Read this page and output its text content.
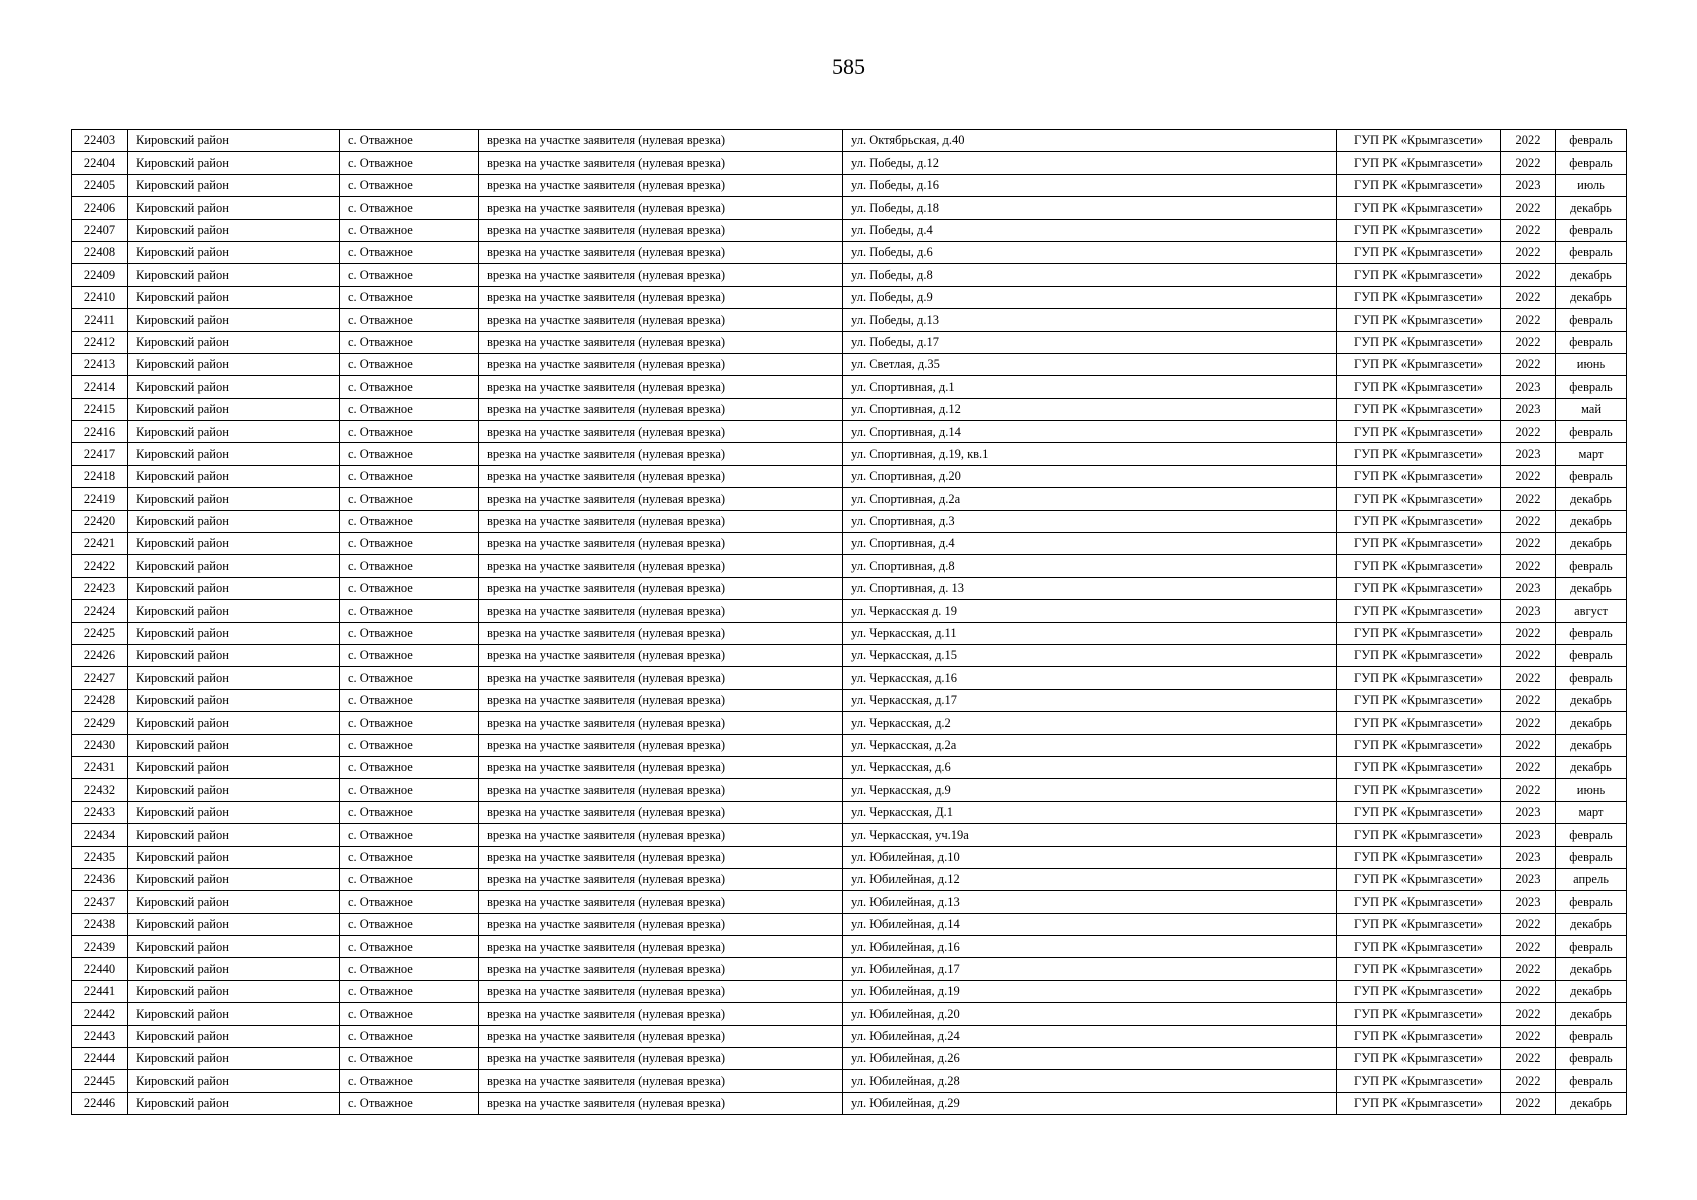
585
22403	Кировский район	с. Отважное	врезка на участке заявителя (нулевая врезка)	ул. Октябрьская, д.40	ГУП РК «Крымгазсети»	2022	февраль
22404	Кировский район	с. Отважное	врезка на участке заявителя (нулевая врезка)	ул. Победы, д.12	ГУП РК «Крымгазсети»	2022	февраль
22405	Кировский район	с. Отважное	врезка на участке заявителя (нулевая врезка)	ул. Победы, д.16	ГУП РК «Крымгазсети»	2023	июль
22406	Кировский район	с. Отважное	врезка на участке заявителя (нулевая врезка)	ул. Победы, д.18	ГУП РК «Крымгазсети»	2022	декабрь
22407	Кировский район	с. Отважное	врезка на участке заявителя (нулевая врезка)	ул. Победы, д.4	ГУП РК «Крымгазсети»	2022	февраль
22408	Кировский район	с. Отважное	врезка на участке заявителя (нулевая врезка)	ул. Победы, д.6	ГУП РК «Крымгазсети»	2022	февраль
22409	Кировский район	с. Отважное	врезка на участке заявителя (нулевая врезка)	ул. Победы, д.8	ГУП РК «Крымгазсети»	2022	декабрь
22410	Кировский район	с. Отважное	врезка на участке заявителя (нулевая врезка)	ул. Победы, д.9	ГУП РК «Крымгазсети»	2022	декабрь
22411	Кировский район	с. Отважное	врезка на участке заявителя (нулевая врезка)	ул. Победы, д.13	ГУП РК «Крымгазсети»	2022	февраль
22412	Кировский район	с. Отважное	врезка на участке заявителя (нулевая врезка)	ул. Победы, д.17	ГУП РК «Крымгазсети»	2022	февраль
22413	Кировский район	с. Отважное	врезка на участке заявителя (нулевая врезка)	ул. Светлая, д.35	ГУП РК «Крымгазсети»	2022	июнь
22414	Кировский район	с. Отважное	врезка на участке заявителя (нулевая врезка)	ул. Спортивная, д.1	ГУП РК «Крымгазсети»	2023	февраль
22415	Кировский район	с. Отважное	врезка на участке заявителя (нулевая врезка)	ул. Спортивная, д.12	ГУП РК «Крымгазсети»	2023	май
22416	Кировский район	с. Отважное	врезка на участке заявителя (нулевая врезка)	ул. Спортивная, д.14	ГУП РК «Крымгазсети»	2022	февраль
22417	Кировский район	с. Отважное	врезка на участке заявителя (нулевая врезка)	ул. Спортивная, д.19, кв.1	ГУП РК «Крымгазсети»	2023	март
22418	Кировский район	с. Отважное	врезка на участке заявителя (нулевая врезка)	ул. Спортивная, д.20	ГУП РК «Крымгазсети»	2022	февраль
22419	Кировский район	с. Отважное	врезка на участке заявителя (нулевая врезка)	ул. Спортивная, д.2а	ГУП РК «Крымгазсети»	2022	декабрь
22420	Кировский район	с. Отважное	врезка на участке заявителя (нулевая врезка)	ул. Спортивная, д.3	ГУП РК «Крымгазсети»	2022	декабрь
22421	Кировский район	с. Отважное	врезка на участке заявителя (нулевая врезка)	ул. Спортивная, д.4	ГУП РК «Крымгазсети»	2022	декабрь
22422	Кировский район	с. Отважное	врезка на участке заявителя (нулевая врезка)	ул. Спортивная, д.8	ГУП РК «Крымгазсети»	2022	февраль
22423	Кировский район	с. Отважное	врезка на участке заявителя (нулевая врезка)	ул. Спортивная, д. 13	ГУП РК «Крымгазсети»	2023	декабрь
22424	Кировский район	с. Отважное	врезка на участке заявителя (нулевая врезка)	ул. Черкасская д. 19	ГУП РК «Крымгазсети»	2023	август
22425	Кировский район	с. Отважное	врезка на участке заявителя (нулевая врезка)	ул. Черкасская, д.11	ГУП РК «Крымгазсети»	2022	февраль
22426	Кировский район	с. Отважное	врезка на участке заявителя (нулевая врезка)	ул. Черкасская, д.15	ГУП РК «Крымгазсети»	2022	февраль
22427	Кировский район	с. Отважное	врезка на участке заявителя (нулевая врезка)	ул. Черкасская, д.16	ГУП РК «Крымгазсети»	2022	февраль
22428	Кировский район	с. Отважное	врезка на участке заявителя (нулевая врезка)	ул. Черкасская, д.17	ГУП РК «Крымгазсети»	2022	декабрь
22429	Кировский район	с. Отважное	врезка на участке заявителя (нулевая врезка)	ул. Черкасская, д.2	ГУП РК «Крымгазсети»	2022	декабрь
22430	Кировский район	с. Отважное	врезка на участке заявителя (нулевая врезка)	ул. Черкасская, д.2а	ГУП РК «Крымгазсети»	2022	декабрь
22431	Кировский район	с. Отважное	врезка на участке заявителя (нулевая врезка)	ул. Черкасская, д.6	ГУП РК «Крымгазсети»	2022	декабрь
22432	Кировский район	с. Отважное	врезка на участке заявителя (нулевая врезка)	ул. Черкасская, д.9	ГУП РК «Крымгазсети»	2022	июнь
22433	Кировский район	с. Отважное	врезка на участке заявителя (нулевая врезка)	ул. Черкасская, Д.1	ГУП РК «Крымгазсети»	2023	март
22434	Кировский район	с. Отважное	врезка на участке заявителя (нулевая врезка)	ул. Черкасская, уч.19а	ГУП РК «Крымгазсети»	2023	февраль
22435	Кировский район	с. Отважное	врезка на участке заявителя (нулевая врезка)	ул. Юбилейная, д.10	ГУП РК «Крымгазсети»	2023	февраль
22436	Кировский район	с. Отважное	врезка на участке заявителя (нулевая врезка)	ул. Юбилейная, д.12	ГУП РК «Крымгазсети»	2023	апрель
22437	Кировский район	с. Отважное	врезка на участке заявителя (нулевая врезка)	ул. Юбилейная, д.13	ГУП РК «Крымгазсети»	2023	февраль
22438	Кировский район	с. Отважное	врезка на участке заявителя (нулевая врезка)	ул. Юбилейная, д.14	ГУП РК «Крымгазсети»	2022	декабрь
22439	Кировский район	с. Отважное	врезка на участке заявителя (нулевая врезка)	ул. Юбилейная, д.16	ГУП РК «Крымгазсети»	2022	февраль
22440	Кировский район	с. Отважное	врезка на участке заявителя (нулевая врезка)	ул. Юбилейная, д.17	ГУП РК «Крымгазсети»	2022	декабрь
22441	Кировский район	с. Отважное	врезка на участке заявителя (нулевая врезка)	ул. Юбилейная, д.19	ГУП РК «Крымгазсети»	2022	декабрь
22442	Кировский район	с. Отважное	врезка на участке заявителя (нулевая врезка)	ул. Юбилейная, д.20	ГУП РК «Крымгазсети»	2022	декабрь
22443	Кировский район	с. Отважное	врезка на участке заявителя (нулевая врезка)	ул. Юбилейная, д.24	ГУП РК «Крымгазсети»	2022	февраль
22444	Кировский район	с. Отважное	врезка на участке заявителя (нулевая врезка)	ул. Юбилейная, д.26	ГУП РК «Крымгазсети»	2022	февраль
22445	Кировский район	с. Отважное	врезка на участке заявителя (нулевая врезка)	ул. Юбилейная, д.28	ГУП РК «Крымгазсети»	2022	февраль
22446	Кировский район	с. Отважное	врезка на участке заявителя (нулевая врезка)	ул. Юбилейная, д.29	ГУП РК «Крымгазсети»	2022	декабрь
